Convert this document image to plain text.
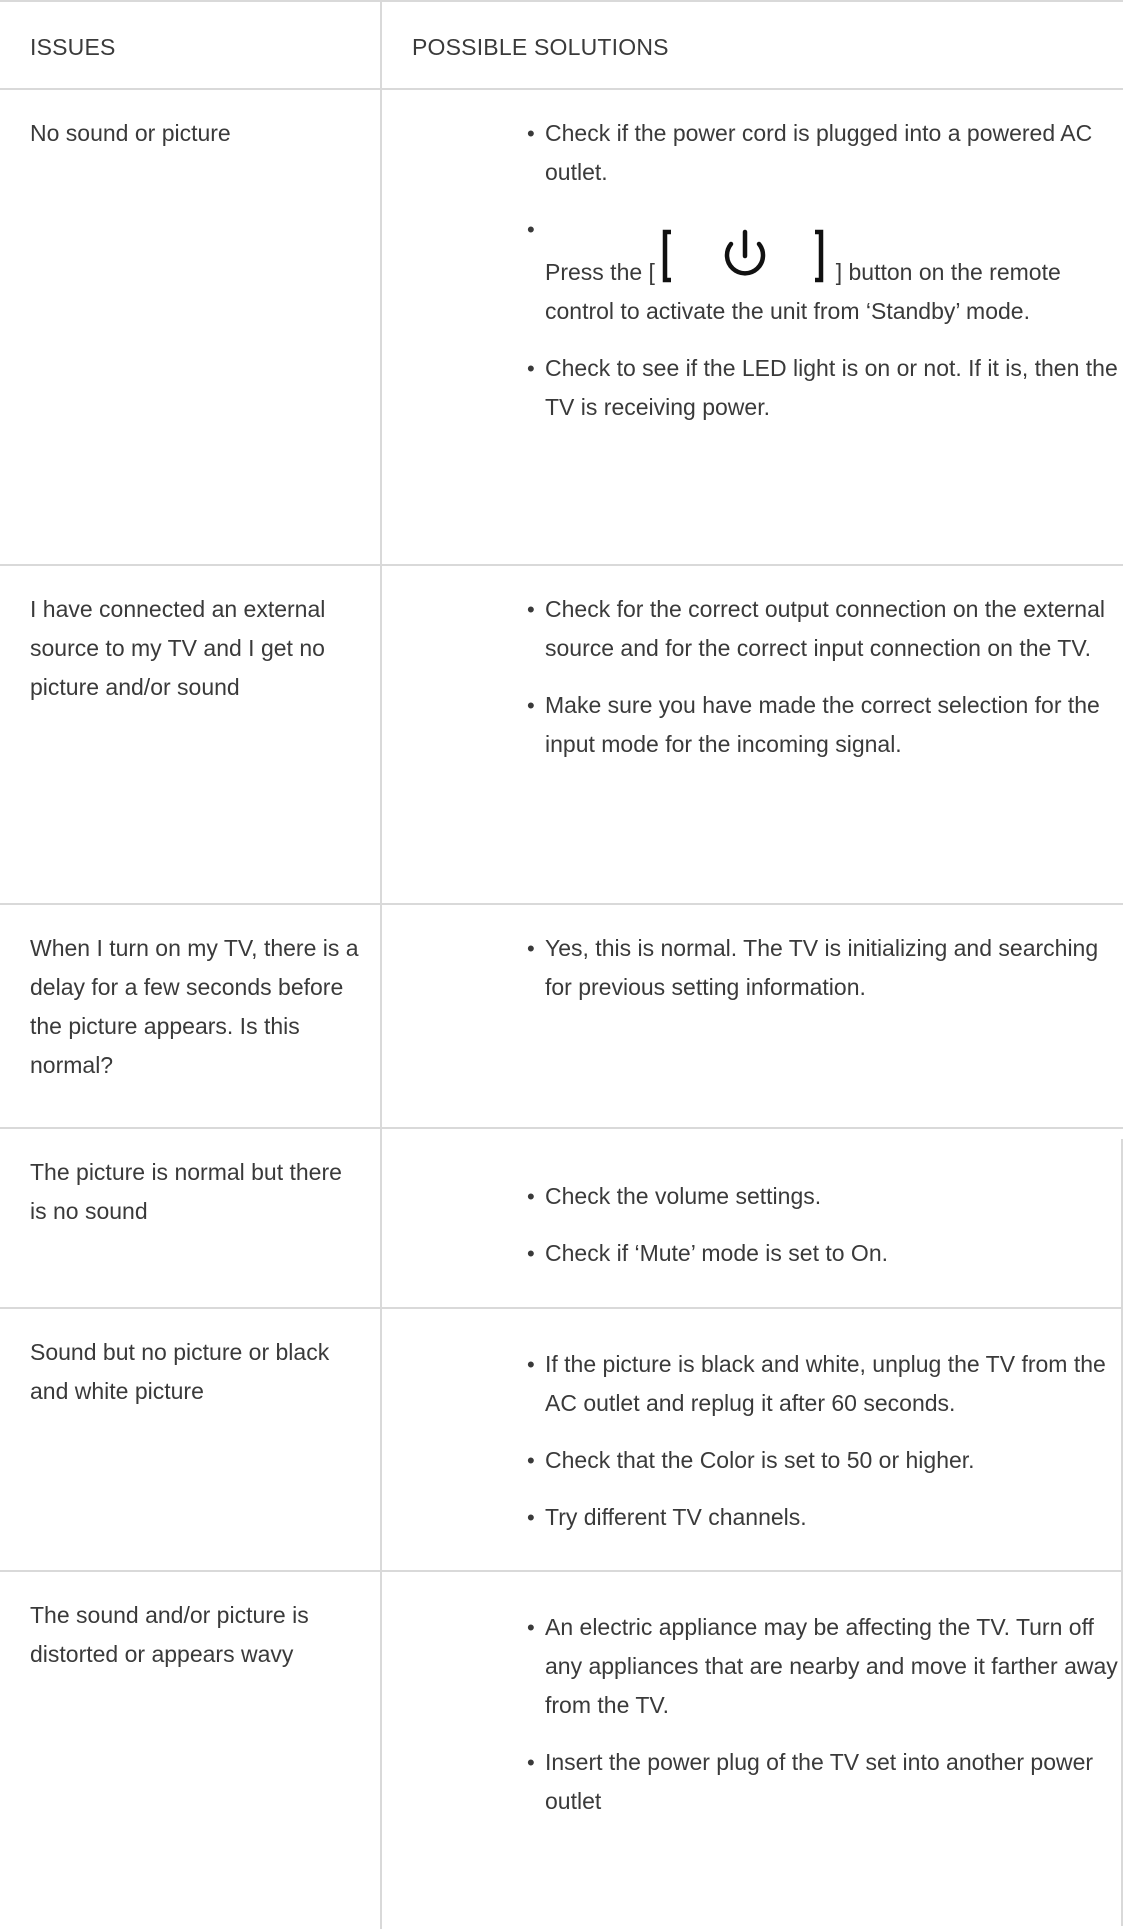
ISSUES	POSSIBLE SOLUTIONS
No sound or picture	• Check if the power cord is plugged into a powered AC outlet.
• Press the [	] button on the remote control to activate the unit from ‘Standby’ mode.
• Check to see if the LED light is on or not. If it is, then the TV is receiving power.
I have connected an external source to my TV and I get no picture and/or sound
• Check for the correct output connection on the external source and for the correct input connection on the TV.
• Make sure you have made the correct selection for the input mode for the incoming signal.
When I turn on my TV, there is a delay for a few seconds before the picture appears. Is this normal?
• Yes, this is normal. The TV is initializing and searching for previous setting information.
The picture is normal but there is no sound
• Check the volume settings.
• Check if ‘Mute’ mode is set to On.
Sound but no picture or black and white picture
• If the picture is black and white, unplug the TV from the AC outlet and replug it after 60 seconds.
• Check that the Color is set to 50 or higher.
• Try different TV channels.
The sound and/or picture is distorted or appears wavy
• An electric appliance may be affecting the TV. Turn off any appliances that are nearby and move it farther away from the TV.
• Insert the power plug of the TV set into another power outlet
